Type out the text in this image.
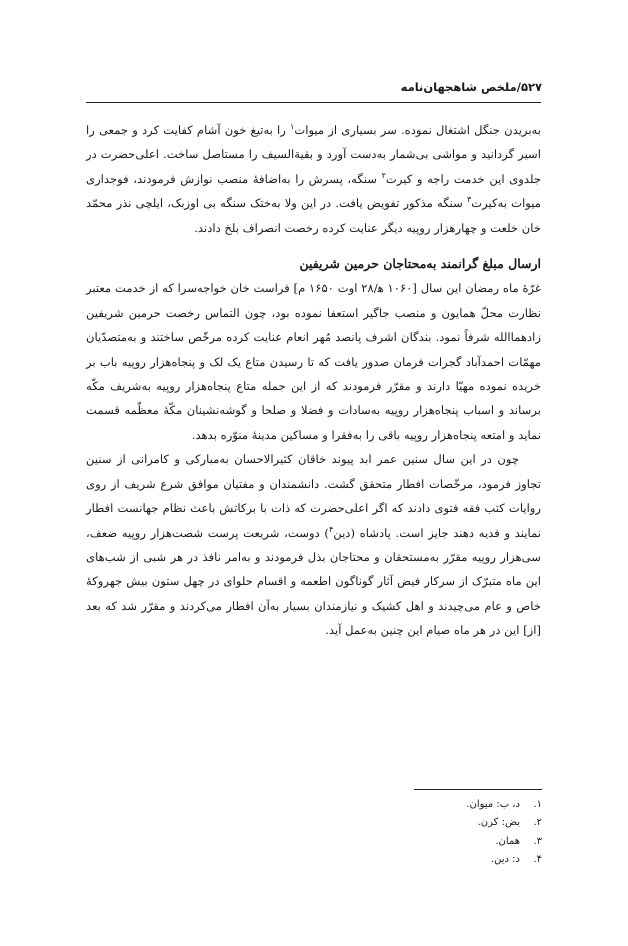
۵۲۷/ملخص شاهجهان‌نامه

به‌بریدن جنگل اشتغال نموده. سر بسیاری از میوات$^۱$ را به‌تیغ خون آشام کفایت کرد و جمعی را اسیر گردانید و مواشی بی‌شمار به‌دست آورد و بقیةالسیف را مستاصل ساخت. اعلی‌حضرت در جلدوی این خدمت راجه و کیرت$^۲$ سنگه، پسرش را به‌اضافهٔ منصب نوازش فرمودند، فوجداری میوات به‌کیرت$^۳$ سنگه مذکور تفویض یافت. در این ولا به‌ختک سنگه بی اوزبک، ایلچی نذر محمّد خان خلعت و چهارهزار روپیه دیگر عنایت کرده رخصت انصراف بلخ دادند.

ارسال مبلغ گرانمند به‌محتاجان حرمین شریفین

غرّهٔ ماه رمضان این سال [۱۰۶۰ ﻫ/۲۸ اوت ۱۶۵۰ م] فراست خان خواجه‌سرا که از خدمت معتبر نظارت محلّ همایون و منصب جاگیر استعفا نموده بود، چون التماس رخصت حرمین شریفین زادهماالله شرفاً نمود. بندگان اشرف پانصد مُهر انعام عنایت کرده مرخّص ساختند و به‌متصدّیان مهمّات احمدآباد گجرات فرمان صدور یافت که تا رسیدن متاع یک لک و پنجاه‌هزار روپیه باب بر خریده نموده مهیّا دارند و مقرّر فرمودند که از این جمله متاع پنجاه‌هزار روپیه به‌شریف مکّه برساند و اسباب پنجاه‌هزار روپیه به‌سادات و فضلا و صلحا و گوشه‌نشینان مکّهٔ معظّمه قسمت نماید و امتعه پنجاه‌هزار روپیه باقی را به‌فقرا و مساکین مدینهٔ منوّره بدهد.

چون در این سال سنین عمر ابد پیوند خاقان کثیرالاحسان به‌مبارکی و کامرانی از سنین تجاوز فرمود، مرخّصات افطار متحقق گشت. دانشمندان و مفتیان موافق شرع شریف از روی روایات کتب فقه فتوی دادند که اگر اعلی‌حضرت که ذات با برکاتش باعث نظام جهانست افطار نمایند و فدیه دهند جایز است. پادشاه (دین$^۴$) دوست، شریعت پرست شصت‌هزار روپیه ضعف، سی‌هزار روپیه مقرّر به‌مستحقان و محتاجان بذل فرمودند و به‌امر نافذ در هر شبی از شب‌های این ماه متبرّک از سرکار فیض آثار گوناگون اطعمه و اقسام حلوای در چهل ستون بیش جهروکهٔ خاص و عام می‌چیدند و اهل کشیک و نیازمندان بسیار به‌آن افطار می‌کردند و مقرّر شد که بعد [از] این در هر ماه صیام این چنین به‌عمل آید.

۱.
د، ب: میوان.
۲.
بض: کرن.
۳.
همان.
۴.
د: دین.
